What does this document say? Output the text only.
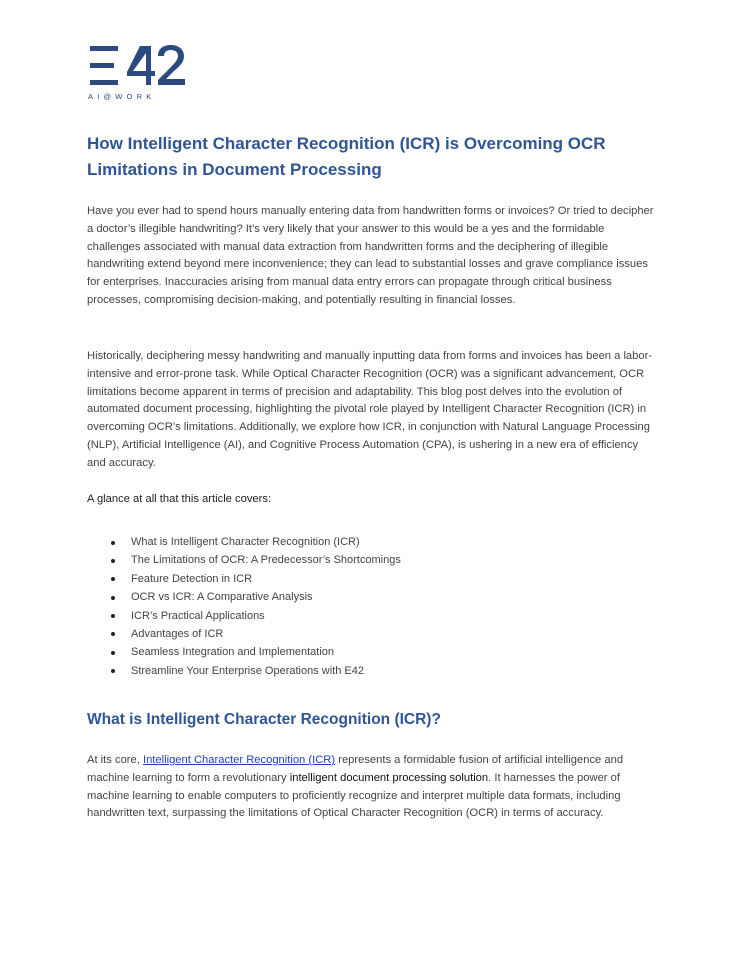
AI@WORK
How Intelligent Character Recognition (ICR) is Overcoming OCR Limitations in Document Processing

Have you ever had to spend hours manually entering data from handwritten forms or invoices? Or tried to decipher a doctor’s illegible handwriting? It’s very likely that your answer to this would be a yes and the formidable challenges associated with manual data extraction from handwritten forms and the deciphering of illegible handwriting extend beyond mere inconvenience; they can lead to substantial losses and grave compliance issues for enterprises. Inaccuracies arising from manual data entry errors can propagate through critical business processes, compromising decision-making, and potentially resulting in financial losses.

Historically, deciphering messy handwriting and manually inputting data from forms and invoices has been a labor-intensive and error-prone task. While Optical Character Recognition (OCR) was a significant advancement, OCR limitations become apparent in terms of precision and adaptability. This blog post delves into the evolution of automated document processing, highlighting the pivotal role played by Intelligent Character Recognition (ICR) in overcoming OCR’s limitations. Additionally, we explore how ICR, in conjunction with Natural Language Processing (NLP), Artificial Intelligence (AI), and Cognitive Process Automation (CPA), is ushering in a new era of efficiency and accuracy.

A glance at all that this article covers:

What is Intelligent Character Recognition (ICR)
The Limitations of OCR: A Predecessor’s Shortcomings
Feature Detection in ICR
OCR vs ICR: A Comparative Analysis
ICR’s Practical Applications
Advantages of ICR
Seamless Integration and Implementation
Streamline Your Enterprise Operations with E42
What is Intelligent Character Recognition (ICR)?

At its core, Intelligent Character Recognition (ICR) represents a formidable fusion of artificial intelligence and machine learning to form a revolutionary intelligent document processing solution. It harnesses the power of machine learning to enable computers to proficiently recognize and interpret multiple data formats, including handwritten text, surpassing the limitations of Optical Character Recognition (OCR) in terms of accuracy.
